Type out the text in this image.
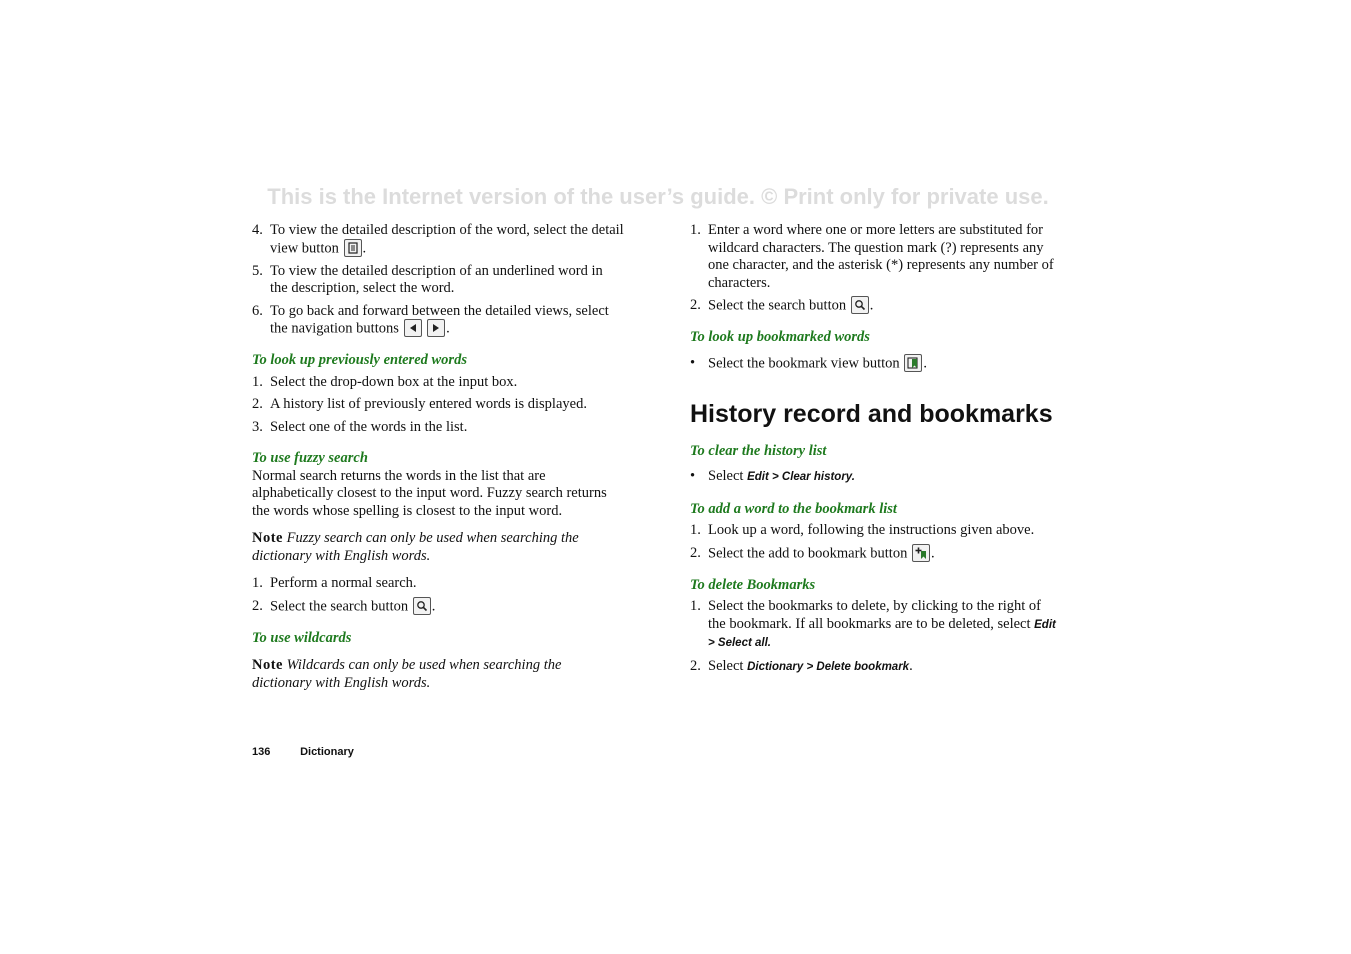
This is the Internet version of the user’s guide. © Print only for private use.
4. To view the detailed description of the word, select the detail view button .
5. To view the detailed description of an underlined word in the description, select the word.
6. To go back and forward between the detailed views, select the navigation buttons
	.
To look up previously entered words
1. Select the drop-down box at the input box.
2. A history list of previously entered words is displayed.
3. Select one of the words in the list.
To use fuzzy search

Normal search returns the words in the list that are alphabetically closest to the input word. Fuzzy search returns the words whose spelling is closest to the input word.

Note Fuzzy search can only be used when searching the dictionary with English words.

1. Perform a normal search.
2. Select the search button .
To use wildcards

Note Wildcards can only be used when searching the dictionary with English words.

1. Enter a word where one or more letters are substituted for wildcard characters. The question mark (?) represents any one character, and the asterisk (*) represents any number of characters.
2. Select the search button .
To look up bookmarked words
• Select the bookmark view button .
History record and bookmarks
To clear the history list
• Select Edit > Clear history.
To add a word to the bookmark list
1. Look up a word, following the instructions given above.
2. Select the add to bookmark button .
To delete Bookmarks
1. Select the bookmarks to delete, by clicking to the right of the bookmark. If all bookmarks are to be deleted, select Edit > Select all.
2. Select Dictionary > Delete bookmark.
136	Dictionary
